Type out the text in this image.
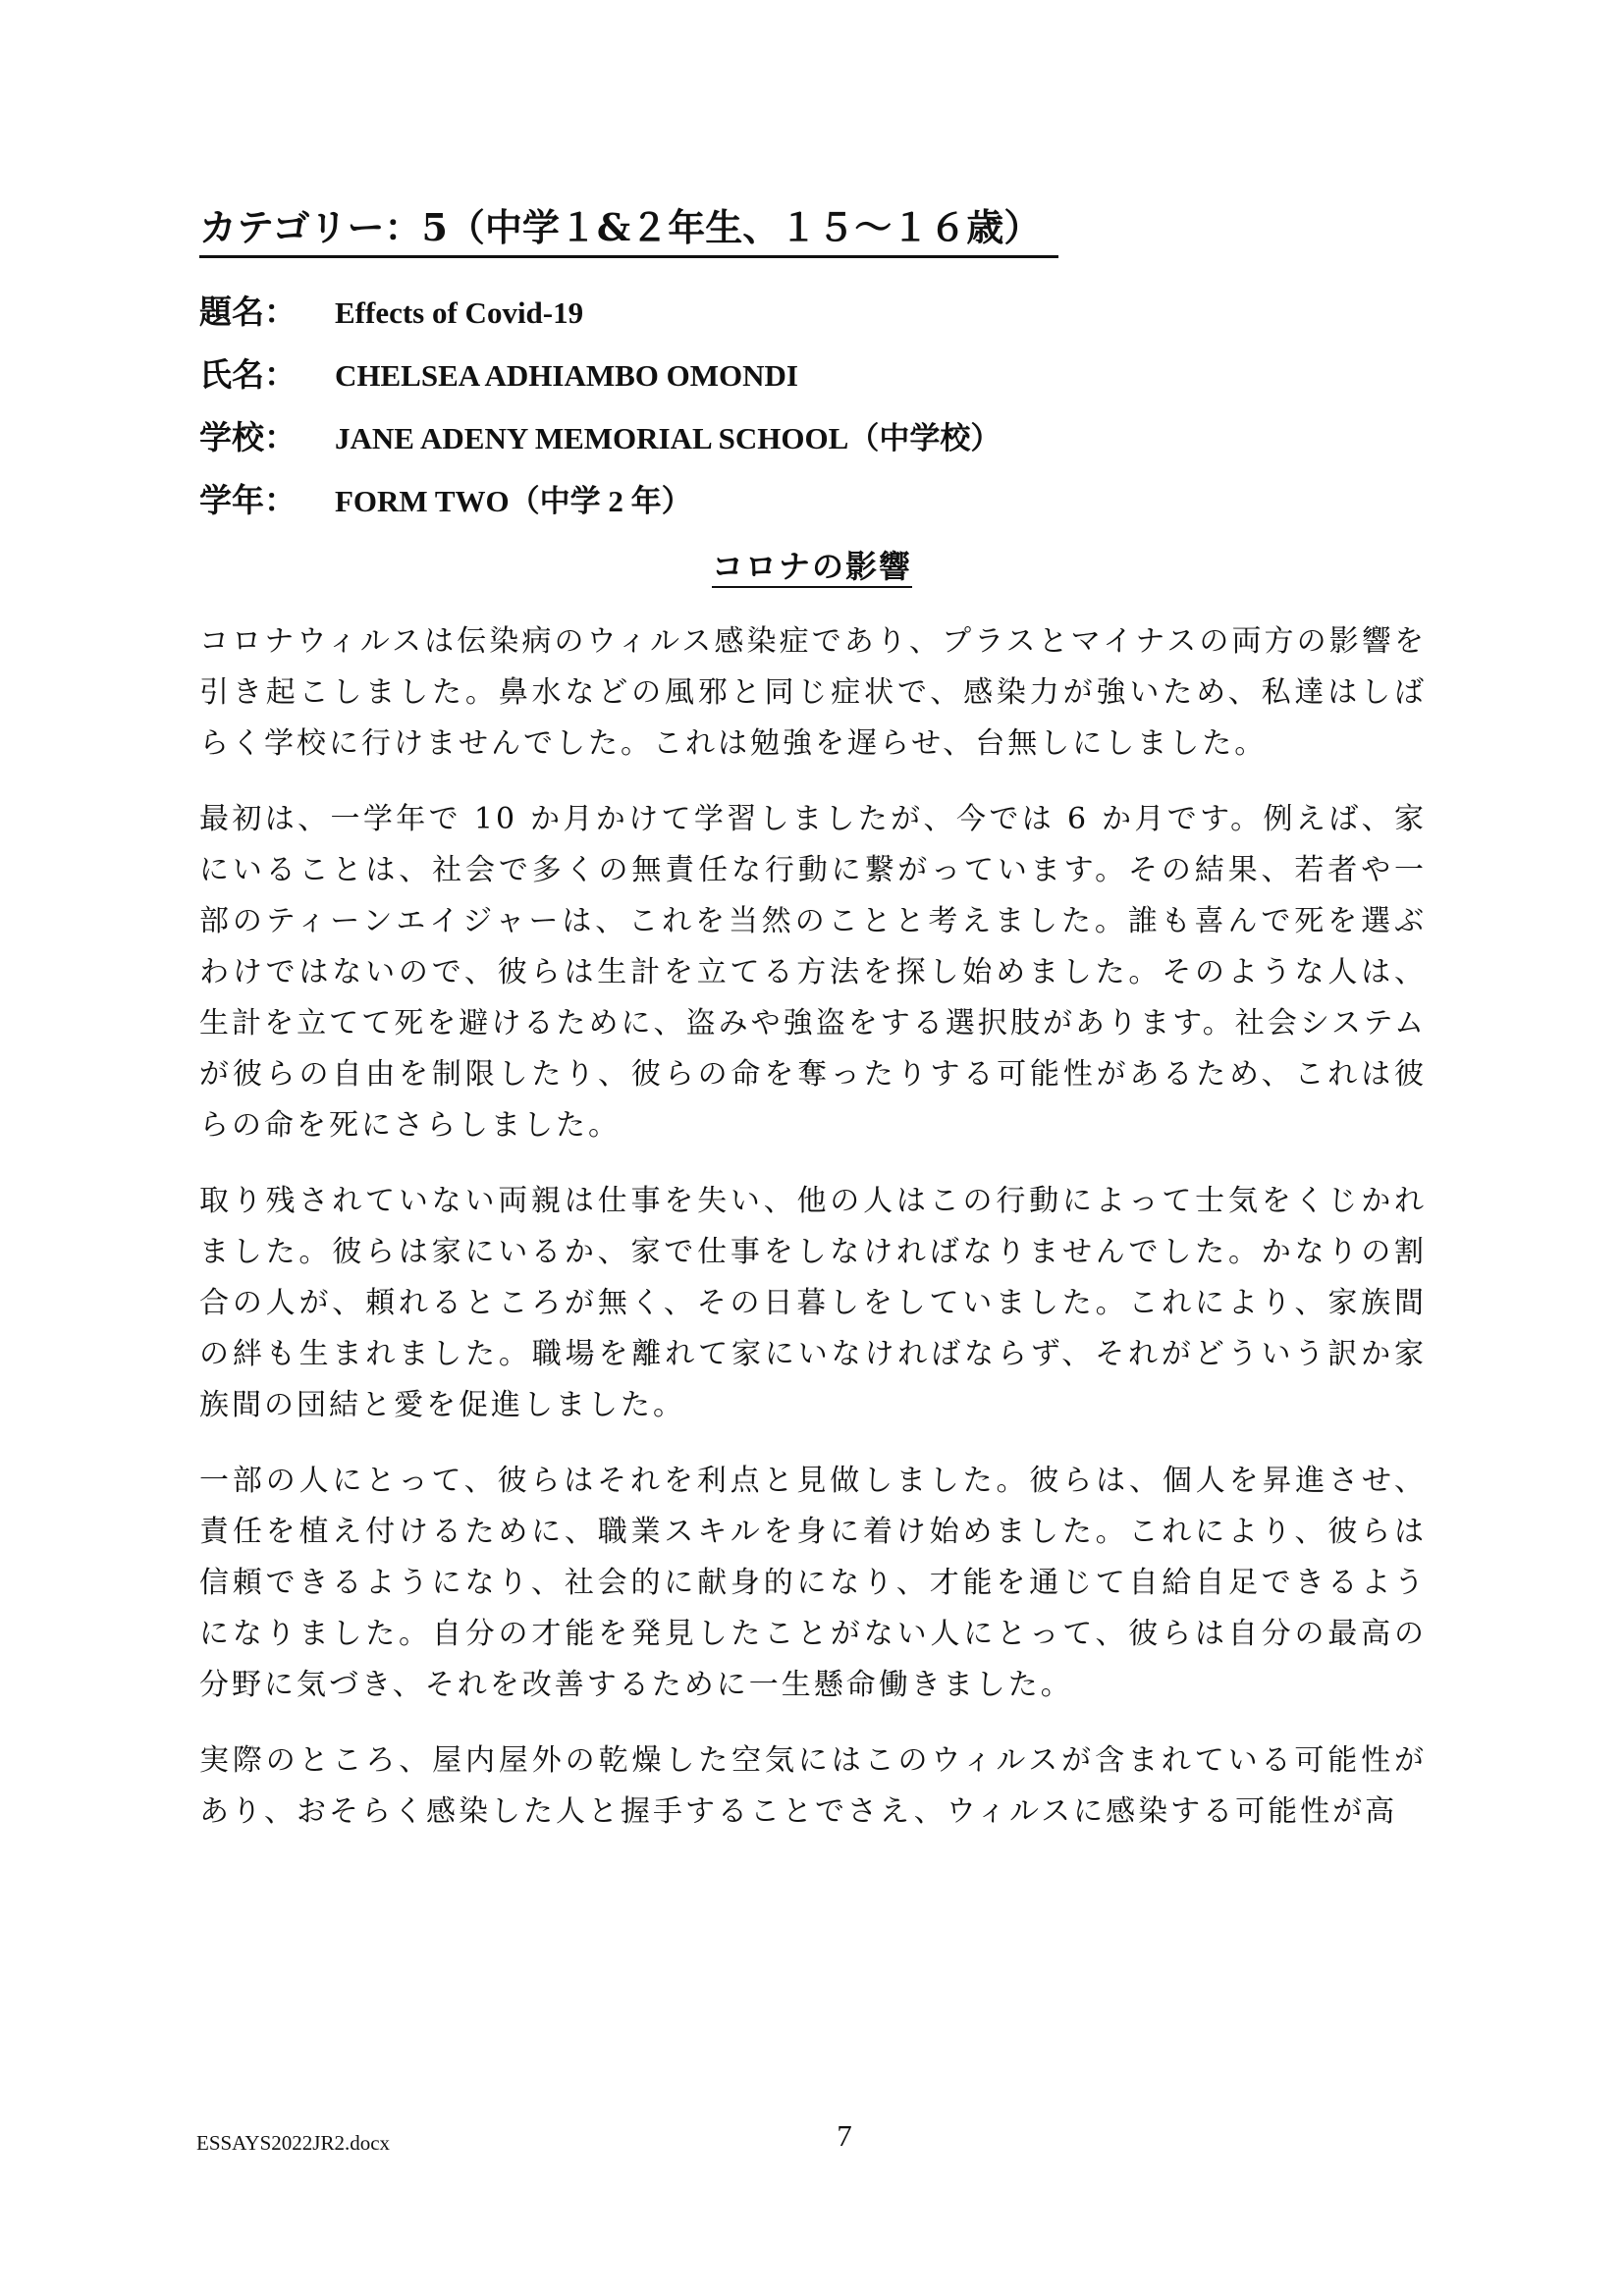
カテゴリー：5（中学１&２年生、１５〜１６歳）
題名：	Effects of Covid-19
氏名：	CHELSEA ADHIAMBO OMONDI
学校：	JANE ADENY MEMORIAL SCHOOL（中学校）
学年：	FORM TWO（中学 2 年）
コロナの影響

コロナウィルスは伝染病のウィルス感染症であり、プラスとマイナスの両方の影響を引き起こしました。鼻水などの風邪と同じ症状で、感染力が強いため、私達はしばらく学校に行けませんでした。これは勉強を遅らせ、台無しにしました。

最初は、一学年で 10 か月かけて学習しましたが、今では 6 か月です。例えば、家にいることは、社会で多くの無責任な行動に繋がっています。その結果、若者や一部のティーンエイジャーは、これを当然のことと考えました。誰も喜んで死を選ぶわけではないので、彼らは生計を立てる方法を探し始めました。そのような人は、生計を立てて死を避けるために、盗みや強盗をする選択肢があります。社会システムが彼らの自由を制限したり、彼らの命を奪ったりする可能性があるため、これは彼らの命を死にさらしました。

取り残されていない両親は仕事を失い、他の人はこの行動によって士気をくじかれました。彼らは家にいるか、家で仕事をしなければなりませんでした。かなりの割合の人が、頼れるところが無く、その日暮しをしていました。これにより、家族間の絆も生まれました。職場を離れて家にいなければならず、それがどういう訳か家族間の団結と愛を促進しました。

一部の人にとって、彼らはそれを利点と見做しました。彼らは、個人を昇進させ、責任を植え付けるために、職業スキルを身に着け始めました。これにより、彼らは信頼できるようになり、社会的に献身的になり、才能を通じて自給自足できるようになりました。自分の才能を発見したことがない人にとって、彼らは自分の最高の分野に気づき、それを改善するために一生懸命働きました。

実際のところ、屋内屋外の乾燥した空気にはこのウィルスが含まれている可能性があり、おそらく感染した人と握手することでさえ、ウィルスに感染する可能性が高

ESSAYS2022JR2.docx	7
